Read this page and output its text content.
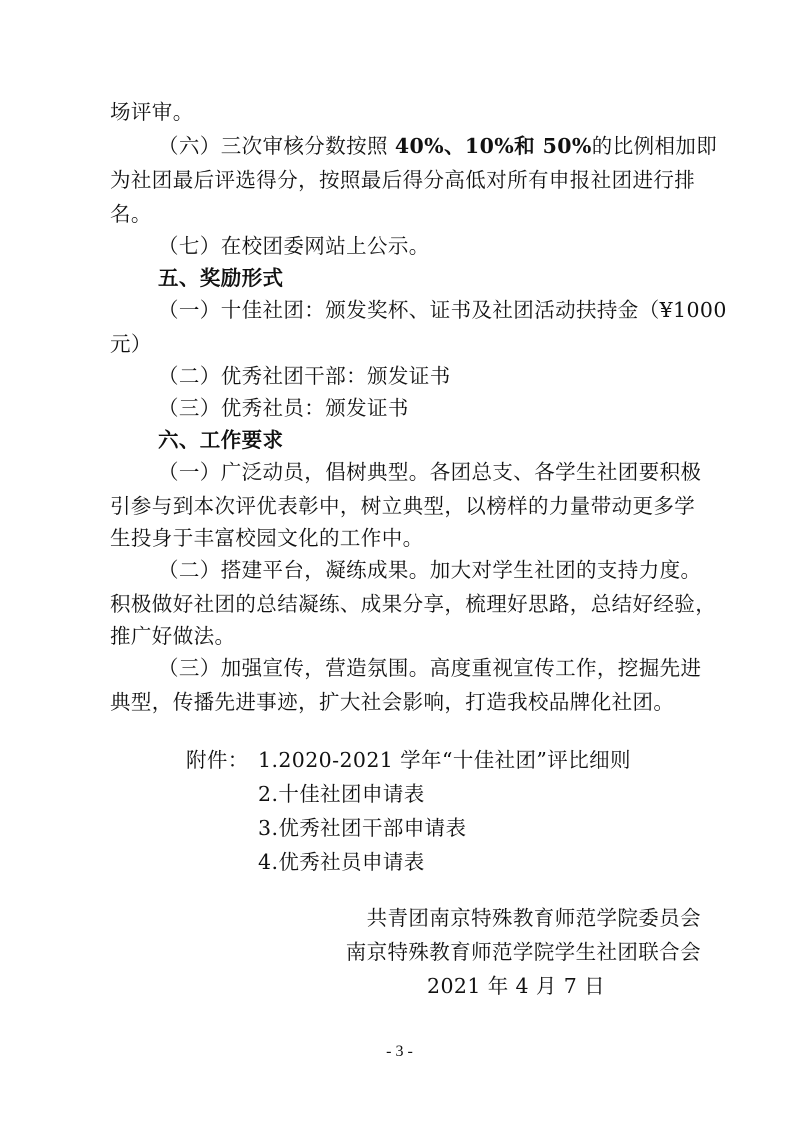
场评审。
（六）三次审核分数按照 40%、10%和 50%的比例相加即
为社团最后评选得分，按照最后得分高低对所有申报社团进行排
名。
（七）在校团委网站上公示。
五、奖励形式
（一）十佳社团：颁发奖杯、证书及社团活动扶持金（¥1000
元）
（二）优秀社团干部：颁发证书
（三）优秀社员：颁发证书
六、工作要求
（一）广泛动员，倡树典型。各团总支、各学生社团要积极
引参与到本次评优表彰中，树立典型，以榜样的力量带动更多学
生投身于丰富校园文化的工作中。
（二）搭建平台，凝练成果。加大对学生社团的支持力度。
积极做好社团的总结凝练、成果分享，梳理好思路，总结好经验，
推广好做法。
（三）加强宣传，营造氛围。高度重视宣传工作，挖掘先进
典型，传播先进事迹，扩大社会影响，打造我校品牌化社团。
附件： 1.2020-2021 学年“十佳社团”评比细则
2.十佳社团申请表
3.优秀社团干部申请表
4.优秀社员申请表
共青团南京特殊教育师范学院委员会
南京特殊教育师范学院学生社团联合会
2021 年 4 月 7 日
- 3 -
